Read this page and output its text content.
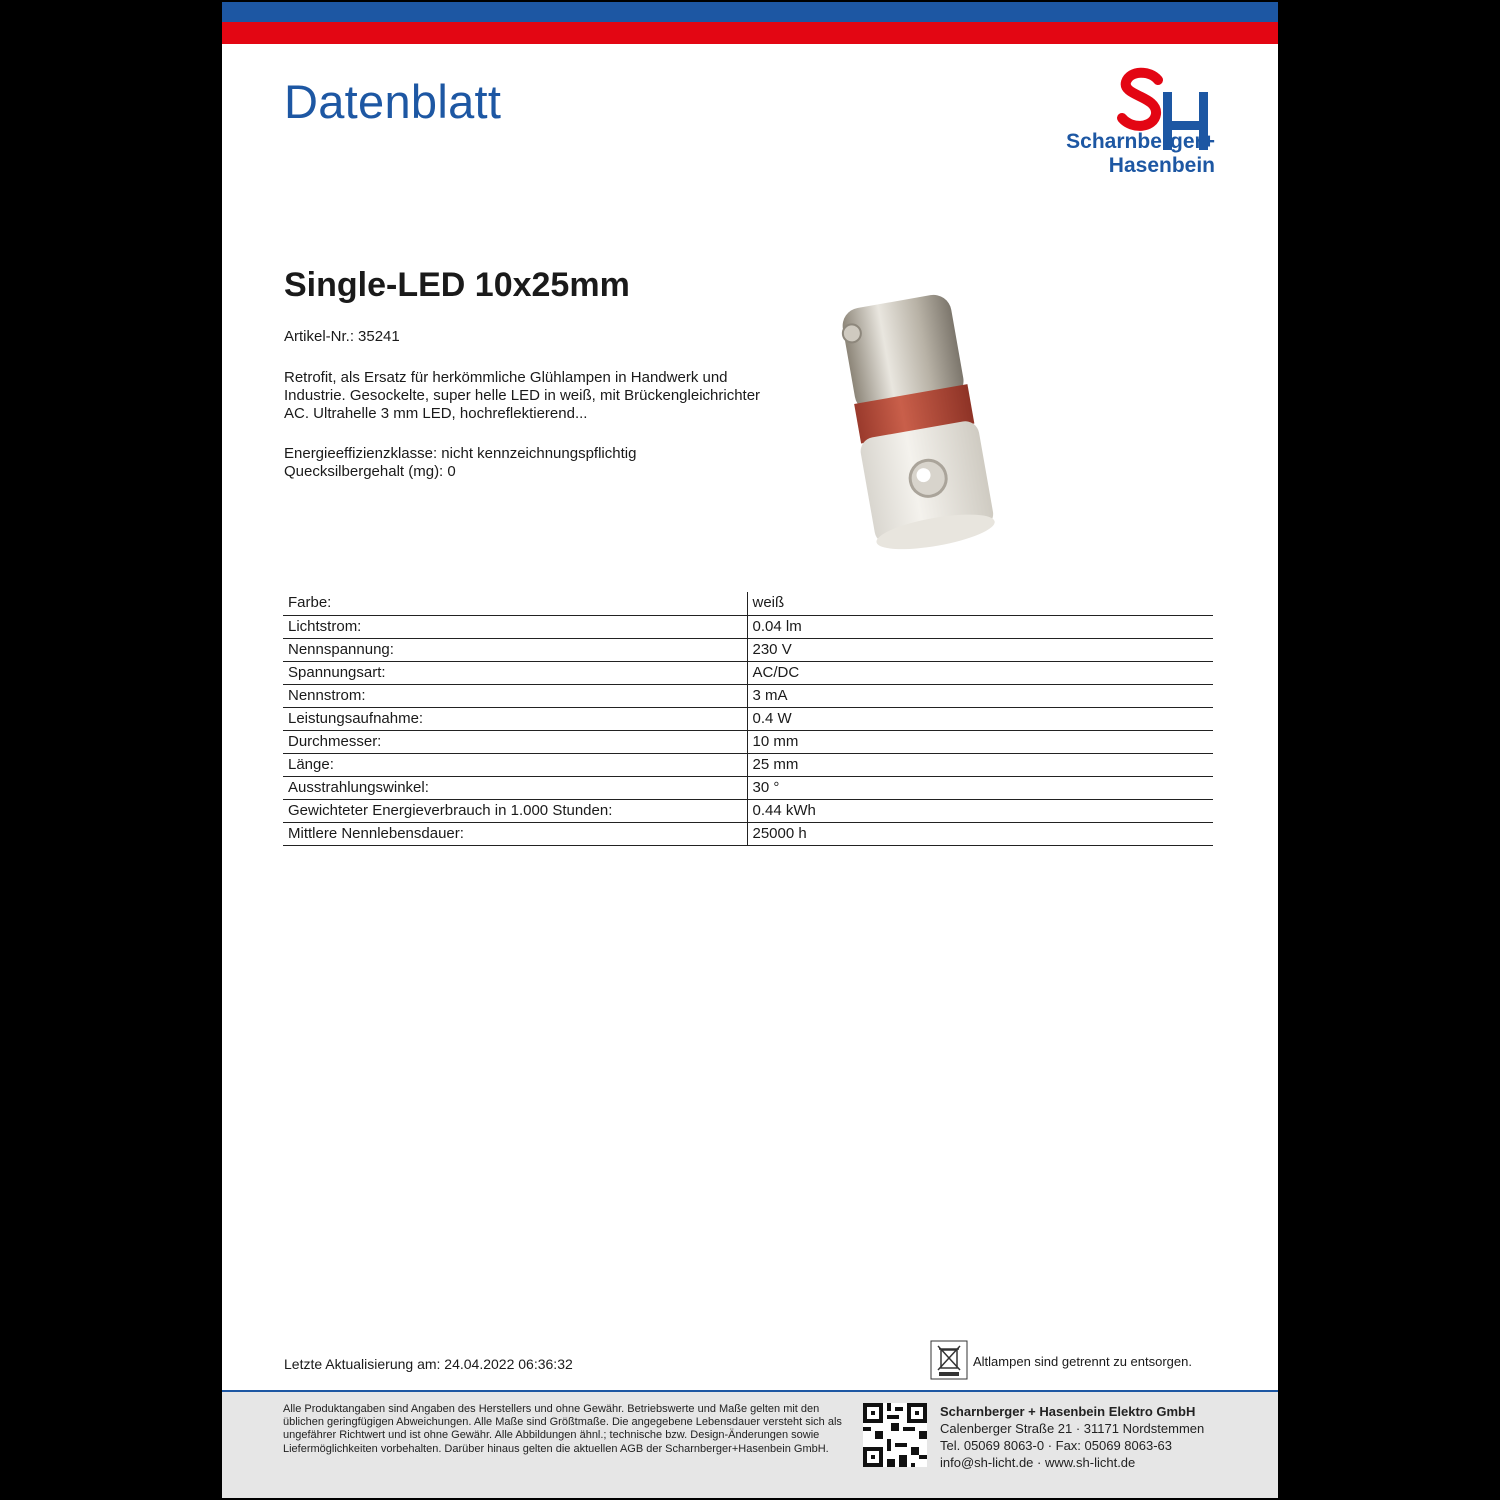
Datenblatt
Scharnberger+
Hasenbein
Single-LED 10x25mm
Artikel-Nr.: 35241

Retrofit, als Ersatz für herkömmliche Glühlampen in Handwerk und Industrie. Gesockelte, super helle LED in weiß, mit Brückengleichrichter AC. Ultrahelle 3 mm LED, hochreflektierend...

Energieeffizienzklasse: nicht kennzeichnungspflichtig
Quecksilbergehalt (mg): 0
Farbe:	weiß
Lichtstrom:	0.04 lm
Nennspannung:	230 V
Spannungsart:	AC/DC
Nennstrom:	3 mA
Leistungsaufnahme:	0.4 W
Durchmesser:	10 mm
Länge:	25 mm
Ausstrahlungswinkel:	30 °
Gewichteter Energieverbrauch in 1.000 Stunden:	0.44 kWh
Mittlere Nennlebensdauer:	25000 h
Letzte Aktualisierung am: 24.04.2022 06:36:32	Altlampen sind getrennt zu entsorgen.

Alle Produktangaben sind Angaben des Herstellers und ohne Gewähr. Betriebswerte und Maße gelten mit den üblichen geringfügigen Abweichungen. Alle Maße sind Größtmaße. Die angegebene Lebensdauer versteht sich als ungefährer Richtwert und ist ohne Gewähr. Alle Abbildungen ähnl.; technische bzw. Design-Änderungen sowie Liefermöglichkeiten vorbehalten. Darüber hinaus gelten die aktuellen AGB der Scharnberger+Hasenbein GmbH.

Scharnberger + Hasenbein Elektro GmbH
Calenberger Straße 21 · 31171 Nordstemmen
Tel. 05069 8063-0 · Fax: 05069 8063-63
info@sh-licht.de · www.sh-licht.de
